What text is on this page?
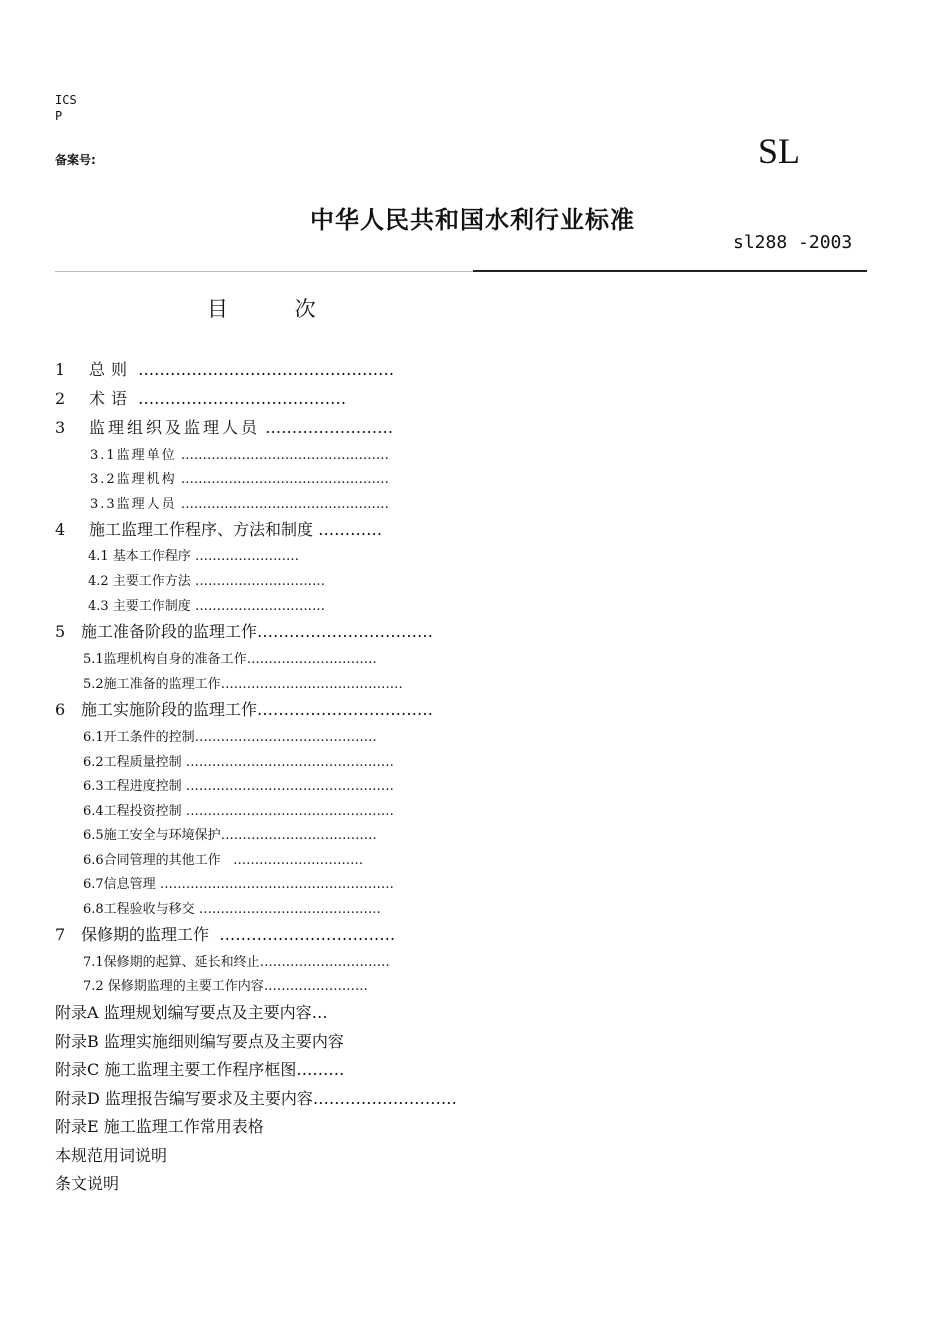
ICS
P
备案号:	SL
中华人民共和国水利行业标准
sl288 -2003
目 次
1 总则 …………………………………………
2 术语 …………………………………
3 监理组织及监理人员 ……………………
3.1监理单位 …………………………………………
3.2监理机构 …………………………………………
3.3监理人员 …………………………………………
4 施工监理工作程序、方法和制度 …………
4.1 基本工作程序 ……………………
4.2 主要工作方法 …………………………
4.3 主要工作制度 …………………………
5 施工准备阶段的监理工作……………………………
5.1监理机构自身的准备工作…………………………
5.2施工准备的监理工作……………………………………
6 施工实施阶段的监理工作……………………………
6.1开工条件的控制……………………………………
6.2工程质量控制 …………………………………………
6.3工程进度控制 …………………………………………
6.4工程投资控制 …………………………………………
6.5施工安全与环境保护………………………………
6.6合同管理的其他工作 …………………………
6.7信息管理 ………………………………………………
6.8工程验收与移交 ……………………………………
7 保修期的监理工作 ……………………………
7.1保修期的起算、延长和终止…………………………
7.2 保修期监理的主要工作内容……………………
附录A 监理规划编写要点及主要内容…
附录B 监理实施细则编写要点及主要内容
附录C 施工监理主要工作程序框图………
附录D 监理报告编写要求及主要内容………………………
附录E 施工监理工作常用表格
本规范用词说明
条文说明
